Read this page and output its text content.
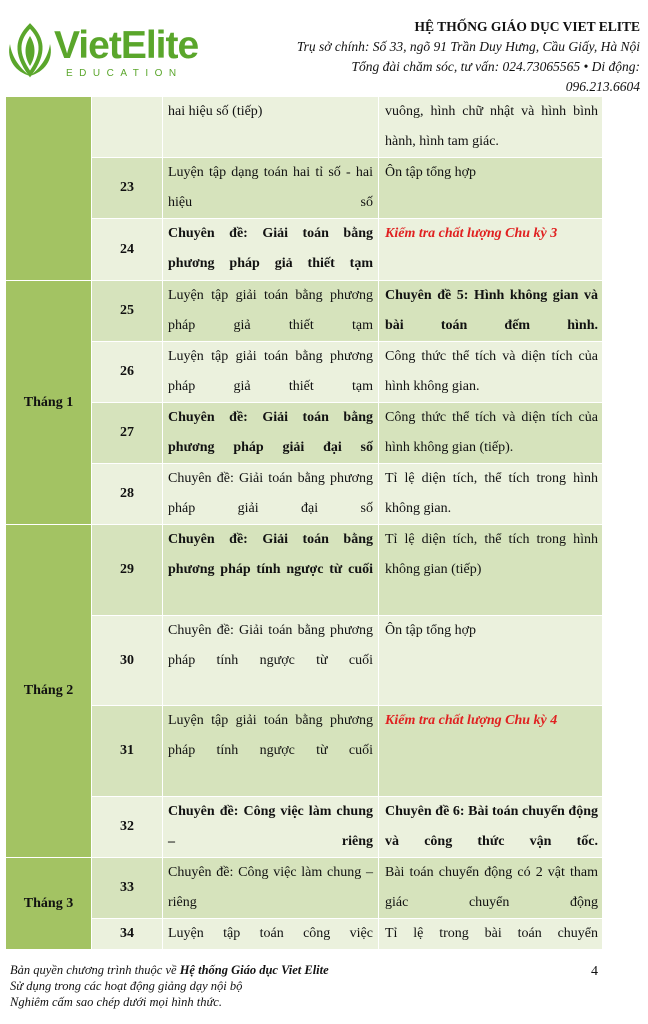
VietElite
EDUCATION
HỆ THỐNG GIÁO DỤC VIET ELITE
Trụ sở chính: Số 33, ngõ 91 Trần Duy Hưng, Cầu Giấy, Hà Nội
Tổng đài chăm sóc, tư vấn: 024.73065565 • Di động:
096.213.6604
		hai hiệu số (tiếp)	vuông, hình chữ nhật và hình bình hành, hình tam giác.
	23	Luyện tập dạng toán hai tỉ số - hai hiệu số	Ôn tập tổng hợp
	24	Chuyên đề: Giải toán bằng phương pháp giả thiết tạm	Kiểm tra chất lượng Chu kỳ 3
Tháng 1	25	Luyện tập giải toán bằng phương pháp giả thiết tạm	Chuyên đề 5: Hình không gian và bài toán đếm hình.
	26	Luyện tập giải toán bằng phương pháp giả thiết tạm	Công thức thể tích và diện tích của hình không gian.
	27	Chuyên đề: Giải toán bằng phương pháp giải đại số	Công thức thể tích và diện tích của hình không gian (tiếp).
	28	Chuyên đề: Giải toán bằng phương pháp giải đại số	Tỉ lệ diện tích, thể tích trong hình không gian.
Tháng 2	29	Chuyên đề: Giải toán bằng phương pháp tính ngược từ cuối	Tỉ lệ diện tích, thể tích trong hình không gian (tiếp)
	30	Chuyên đề: Giải toán bằng phương pháp tính ngược từ cuối	Ôn tập tổng hợp
	31	Luyện tập giải toán bằng phương pháp tính ngược từ cuối	Kiểm tra chất lượng Chu kỳ 4
	32	Chuyên đề: Công việc làm chung – riêng	Chuyên đề 6: Bài toán chuyển động và công thức vận tốc.
Tháng 3	33	Chuyên đề: Công việc làm chung – riêng	Bài toán chuyển động có 2 vật tham giác chuyển động
	34	Luyện tập toán công việc	Tỉ lệ trong bài toán chuyển
Bản quyền chương trình thuộc về Hệ thống Giáo dục Viet Elite
Sử dụng trong các hoạt động giảng dạy nội bộ
Nghiêm cấm sao chép dưới mọi hình thức.
4
